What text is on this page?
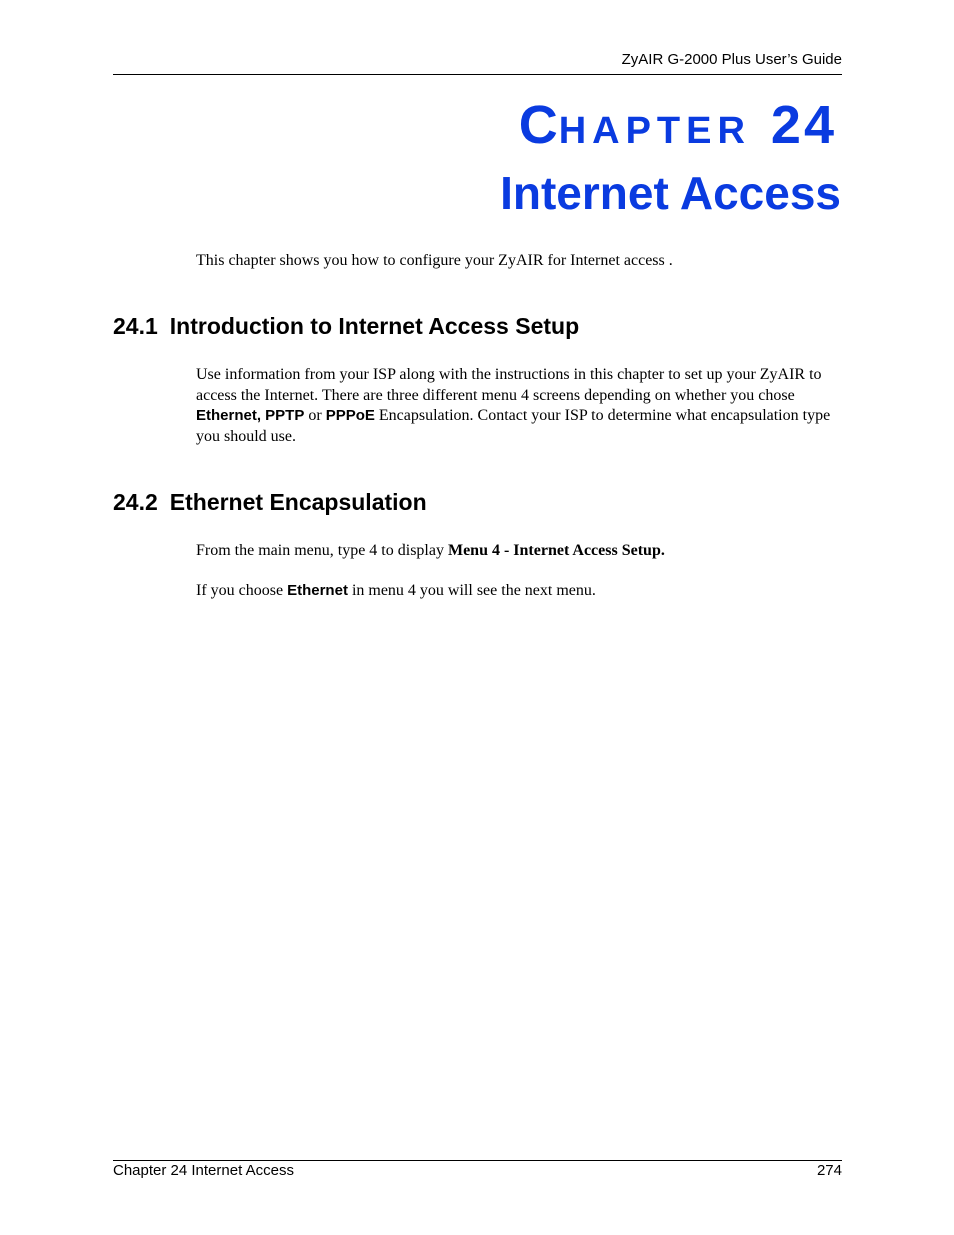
ZyAIR G-2000 Plus User’s Guide
CHAPTER 24
Internet Access
This chapter shows you how to configure your ZyAIR for Internet access .
24.1 Introduction to Internet Access Setup
Use information from your ISP along with the instructions in this chapter to set up your ZyAIR to access the Internet. There are three different menu 4 screens depending on whether you chose Ethernet, PPTP or PPPoE Encapsulation. Contact your ISP to determine what encapsulation type you should use.
24.2 Ethernet Encapsulation
From the main menu, type 4 to display Menu 4 - Internet Access Setup.
If you choose Ethernet in menu 4 you will see the next menu.
Chapter 24 Internet Access	274
